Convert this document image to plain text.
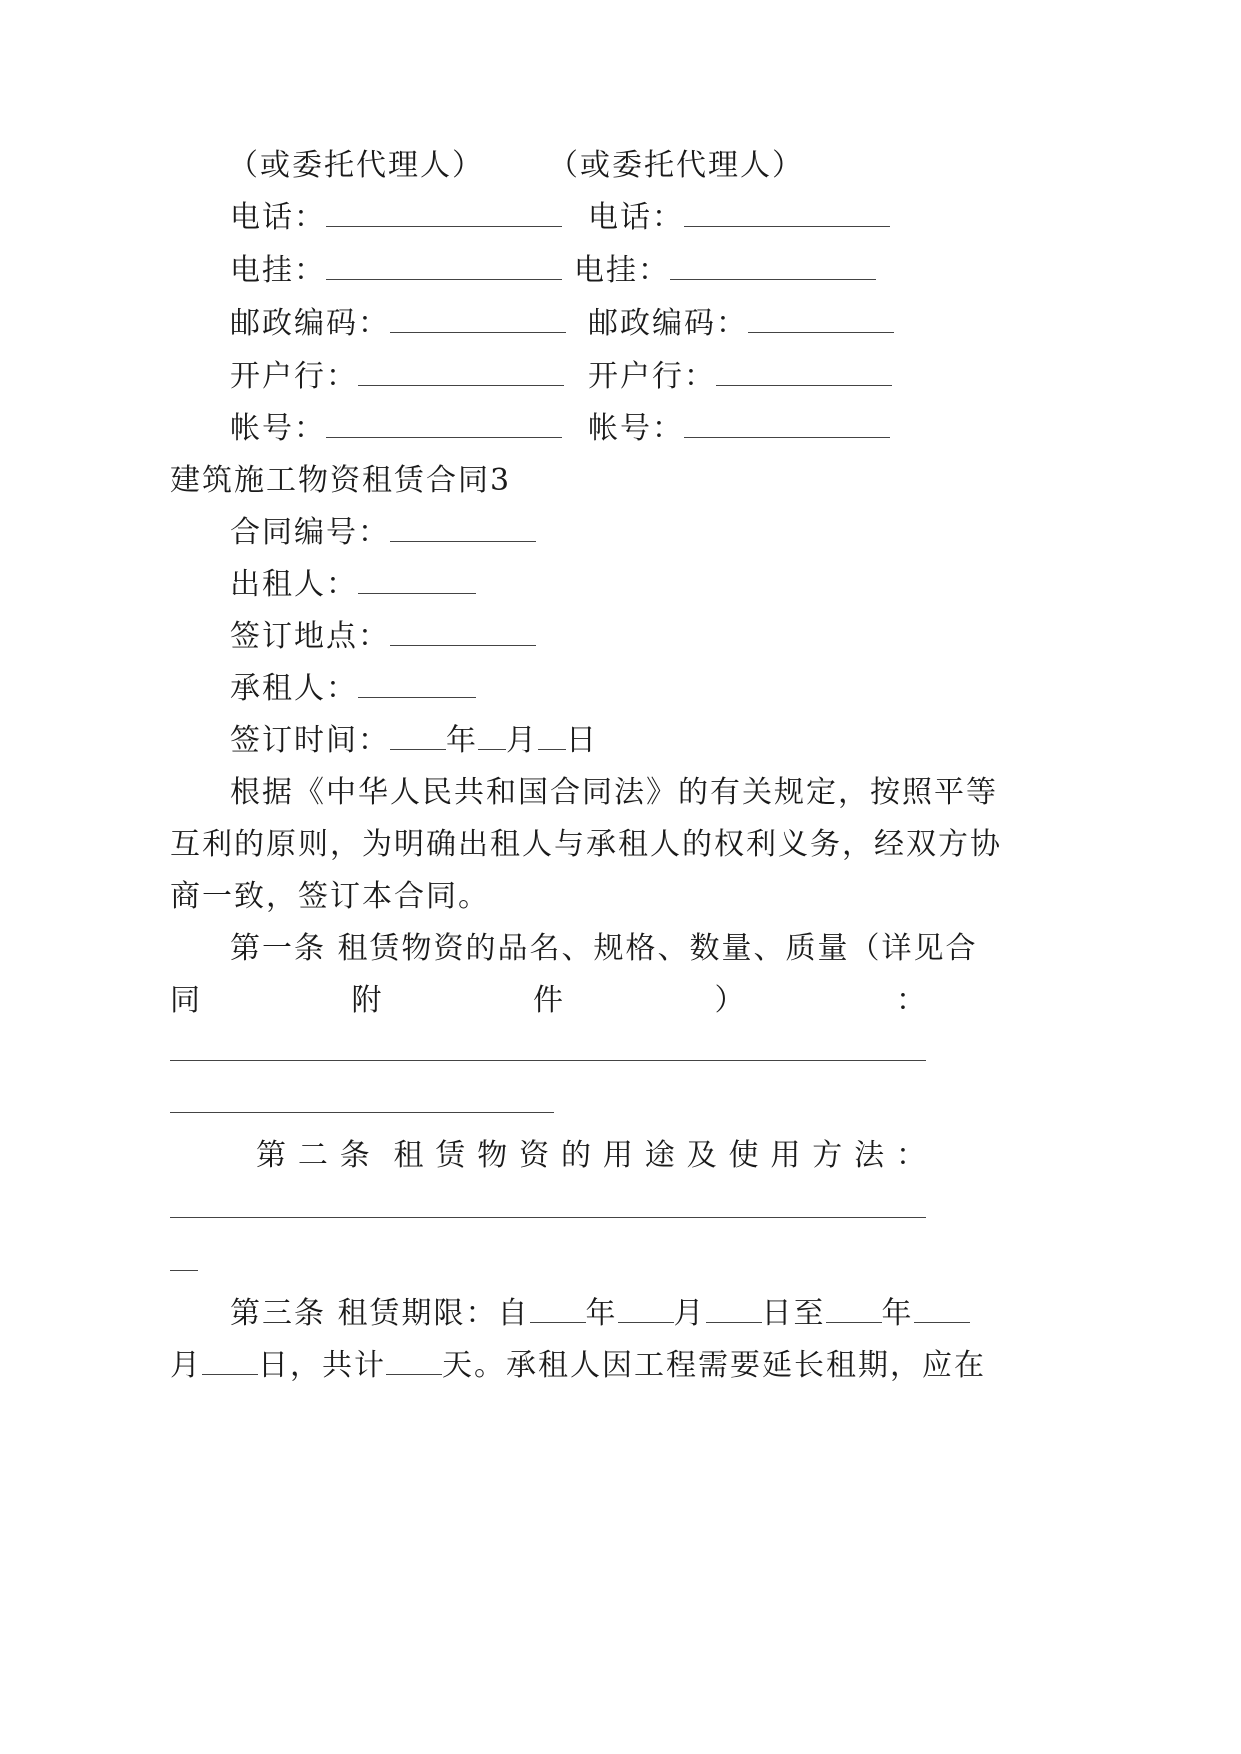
（或委托代理人） （或委托代理人）
电话：	电话：
电挂：	电挂：
邮政编码：	邮政编码：
开户行：	开户行：
帐号：	帐号：
建筑施工物资租赁合同3
合同编号：
出租人：
签订地点：
承租人：
签订时间： 年 月 日
根据《中华人民共和国合同法》的有关规定，按照平等
互利的原则，为明确出租人与承租人的权利义务，经双方协
商一致，签订本合同。
第一条 租赁物资的品名、规格、数量、质量（详见合
同	附	件	）	：
第 二 条 租 赁 物 资 的 用 途 及 使 用 方 法 ：
第三条 租赁期限：自 年 月 日至 年
月 日，共计 天。承租人因工程需要延长租期，应在
